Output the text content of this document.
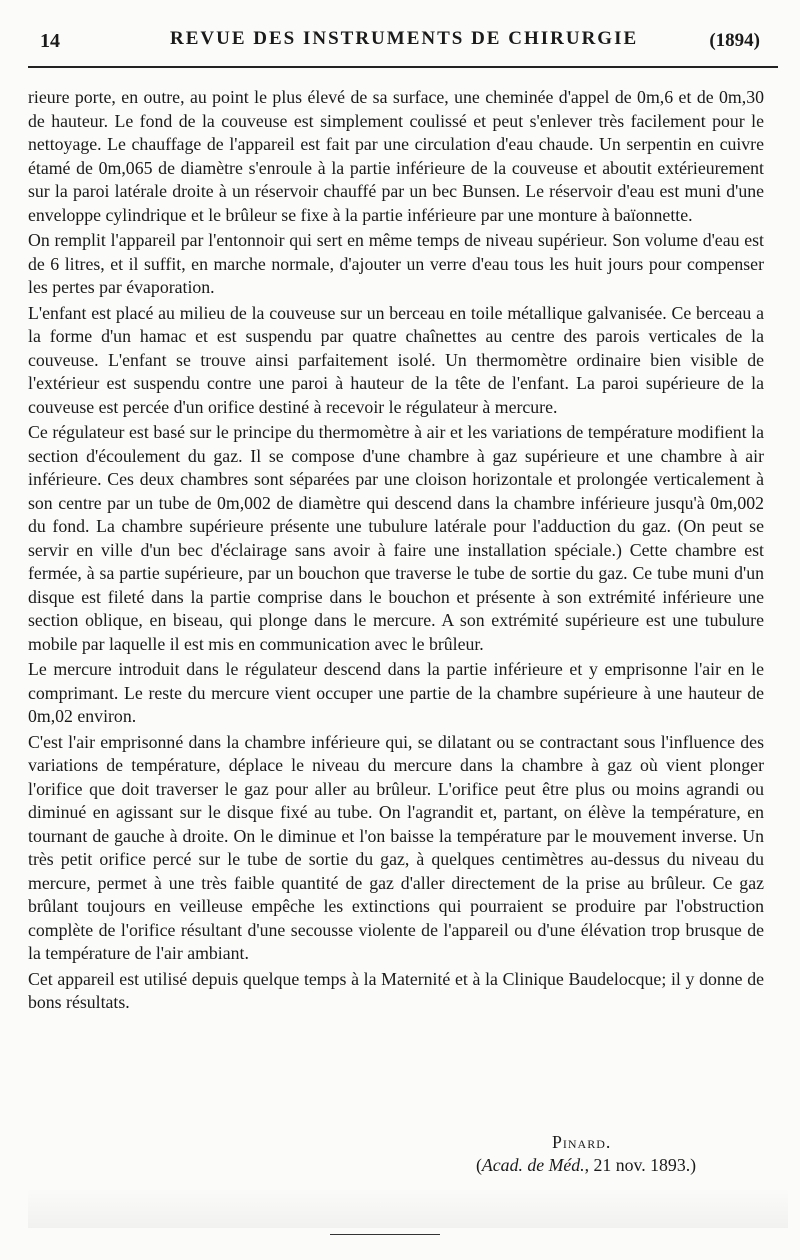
14	REVUE DES INSTRUMENTS DE CHIRURGIE	(1894)

rieure porte, en outre, au point le plus élevé de sa surface, une cheminée d'appel de 0m,6 et de 0m,30 de hauteur. Le fond de la couveuse est simplement coulissé et peut s'enlever très facilement pour le nettoyage. Le chauffage de l'appareil est fait par une circulation d'eau chaude. Un serpentin en cuivre étamé de 0m,065 de diamètre s'enroule à la partie inférieure de la couveuse et aboutit extérieurement sur la paroi latérale droite à un réservoir chauffé par un bec Bunsen. Le réservoir d'eau est muni d'une enveloppe cylindrique et le brûleur se fixe à la partie inférieure par une monture à baïonnette.

On remplit l'appareil par l'entonnoir qui sert en même temps de niveau supérieur. Son volume d'eau est de 6 litres, et il suffit, en marche normale, d'ajouter un verre d'eau tous les huit jours pour compenser les pertes par évaporation.

L'enfant est placé au milieu de la couveuse sur un berceau en toile métallique galvanisée. Ce berceau a la forme d'un hamac et est suspendu par quatre chaînettes au centre des parois verticales de la couveuse. L'enfant se trouve ainsi parfaitement isolé. Un thermomètre ordinaire bien visible de l'extérieur est suspendu contre une paroi à hauteur de la tête de l'enfant. La paroi supérieure de la couveuse est percée d'un orifice destiné à recevoir le régulateur à mercure.

Ce régulateur est basé sur le principe du thermomètre à air et les variations de température modifient la section d'écoulement du gaz. Il se compose d'une chambre à gaz supérieure et une chambre à air inférieure. Ces deux chambres sont séparées par une cloison horizontale et prolongée verticalement à son centre par un tube de 0m,002 de diamètre qui descend dans la chambre inférieure jusqu'à 0m,002 du fond. La chambre supérieure présente une tubulure latérale pour l'adduction du gaz. (On peut se servir en ville d'un bec d'éclairage sans avoir à faire une installation spéciale.) Cette chambre est fermée, à sa partie supérieure, par un bouchon que traverse le tube de sortie du gaz. Ce tube muni d'un disque est fileté dans la partie comprise dans le bouchon et présente à son extrémité inférieure une section oblique, en biseau, qui plonge dans le mercure. A son extrémité supérieure est une tubulure mobile par laquelle il est mis en communication avec le brûleur.

Le mercure introduit dans le régulateur descend dans la partie inférieure et y emprisonne l'air en le comprimant. Le reste du mercure vient occuper une partie de la chambre supérieure à une hauteur de 0m,02 environ.

C'est l'air emprisonné dans la chambre inférieure qui, se dilatant ou se contractant sous l'influence des variations de température, déplace le niveau du mercure dans la chambre à gaz où vient plonger l'orifice que doit traverser le gaz pour aller au brûleur. L'orifice peut être plus ou moins agrandi ou diminué en agissant sur le disque fixé au tube. On l'agrandit et, partant, on élève la température, en tournant de gauche à droite. On le diminue et l'on baisse la température par le mouvement inverse. Un très petit orifice percé sur le tube de sortie du gaz, à quelques centimètres au-dessus du niveau du mercure, permet à une très faible quantité de gaz d'aller directement de la prise au brûleur. Ce gaz brûlant toujours en veilleuse empêche les extinctions qui pourraient se produire par l'obstruction complète de l'orifice résultant d'une secousse violente de l'appareil ou d'une élévation trop brusque de la température de l'air ambiant.

Cet appareil est utilisé depuis quelque temps à la Maternité et à la Clinique Baudelocque; il y donne de bons résultats.

Pinard.
(Acad. de Méd., 21 nov. 1893.)
